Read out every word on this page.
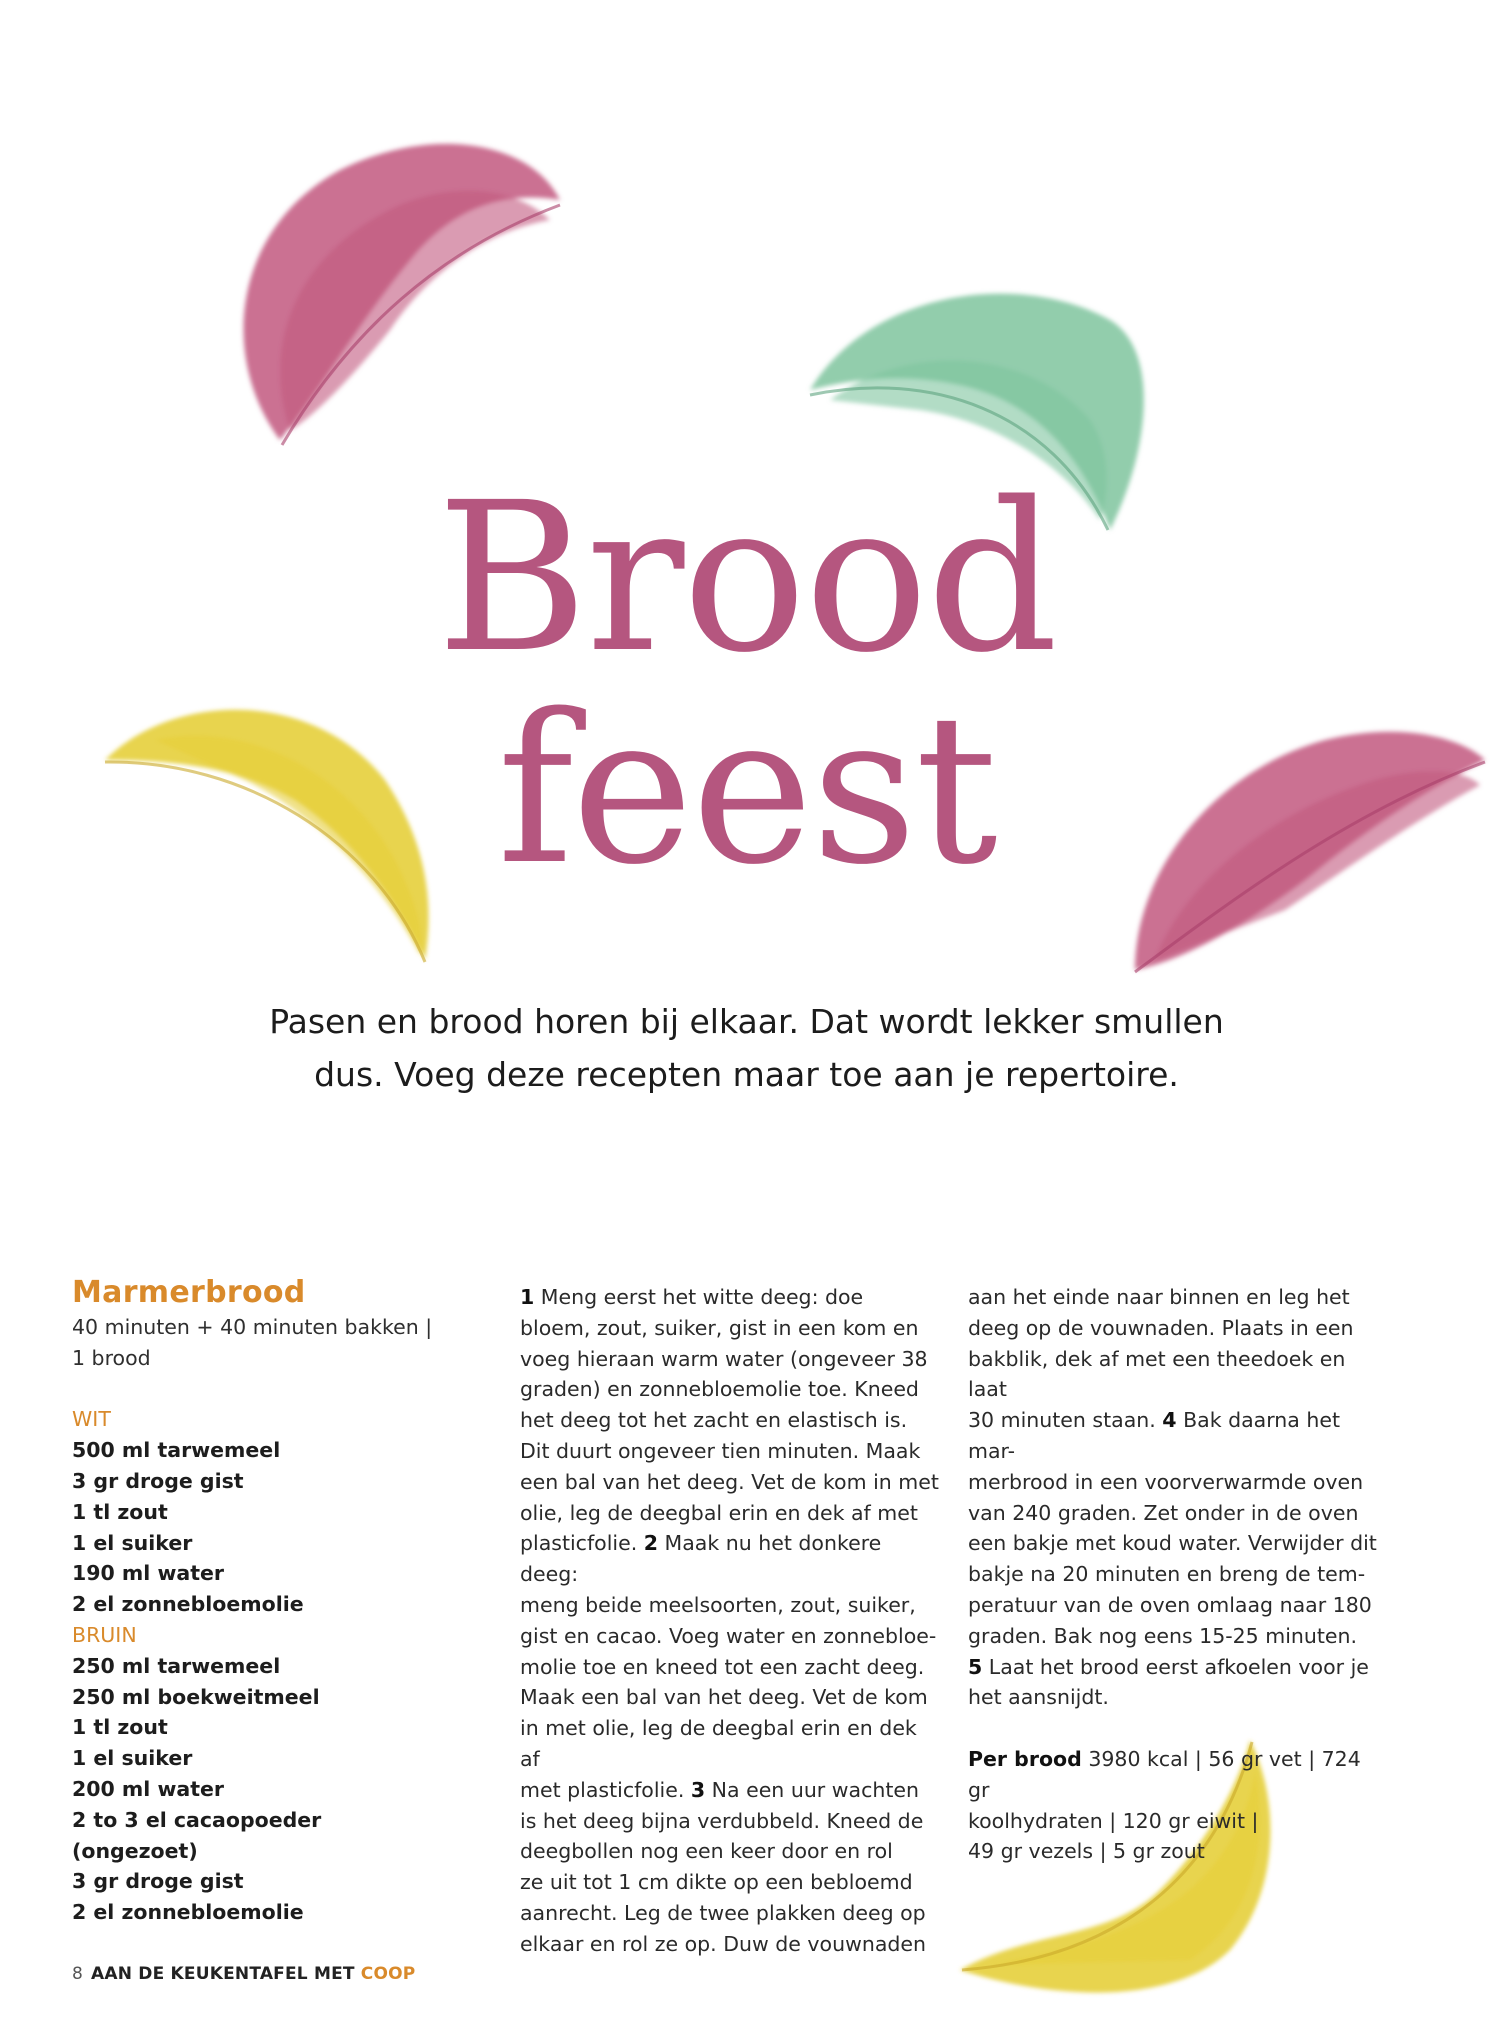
Brood
feest
Pasen en brood horen bij elkaar. Dat wordt lekker smullen
dus. Voeg deze recepten maar toe aan je repertoire.
Marmerbrood
40 minuten + 40 minuten bakken |
1 brood
WIT
500 ml tarwemeel
3 gr droge gist
1 tl zout
1 el suiker
190 ml water
2 el zonnebloemolie
BRUIN
250 ml tarwemeel
250 ml boekweitmeel
1 tl zout
1 el suiker
200 ml water
2 to 3 el cacaopoeder (ongezoet)
3 gr droge gist
2 el zonnebloemolie
1 Meng eerst het witte deeg: doe
bloem, zout, suiker, gist in een kom en
voeg hieraan warm water (ongeveer 38
graden) en zonnebloemolie toe. Kneed
het deeg tot het zacht en elastisch is.
Dit duurt ongeveer tien minuten. Maak
een bal van het deeg. Vet de kom in met
olie, leg de deegbal erin en dek af met
plasticfolie. 2 Maak nu het donkere deeg:
meng beide meelsoorten, zout, suiker,
gist en cacao. Voeg water en zonnebloe-
molie toe en kneed tot een zacht deeg.
Maak een bal van het deeg. Vet de kom
in met olie, leg de deegbal erin en dek af
met plasticfolie. 3 Na een uur wachten
is het deeg bijna verdubbeld. Kneed de
deegbollen nog een keer door en rol
ze uit tot 1 cm dikte op een bebloemd
aanrecht. Leg de twee plakken deeg op
elkaar en rol ze op. Duw de vouwnaden
aan het einde naar binnen en leg het
deeg op de vouwnaden. Plaats in een
bakblik, dek af met een theedoek en laat
30 minuten staan. 4 Bak daarna het mar-
merbrood in een voorverwarmde oven
van 240 graden. Zet onder in de oven
een bakje met koud water. Verwijder dit
bakje na 20 minuten en breng de tem-
peratuur van de oven omlaag naar 180
graden. Bak nog eens 15-25 minuten.
5 Laat het brood eerst afkoelen voor je
het aansnijdt.
Per brood 3980 kcal | 56 gr vet | 724 gr
koolhydraten | 120 gr eiwit |
49 gr vezels | 5 gr zout
8 AAN DE KEUKENTAFEL MET COOP
